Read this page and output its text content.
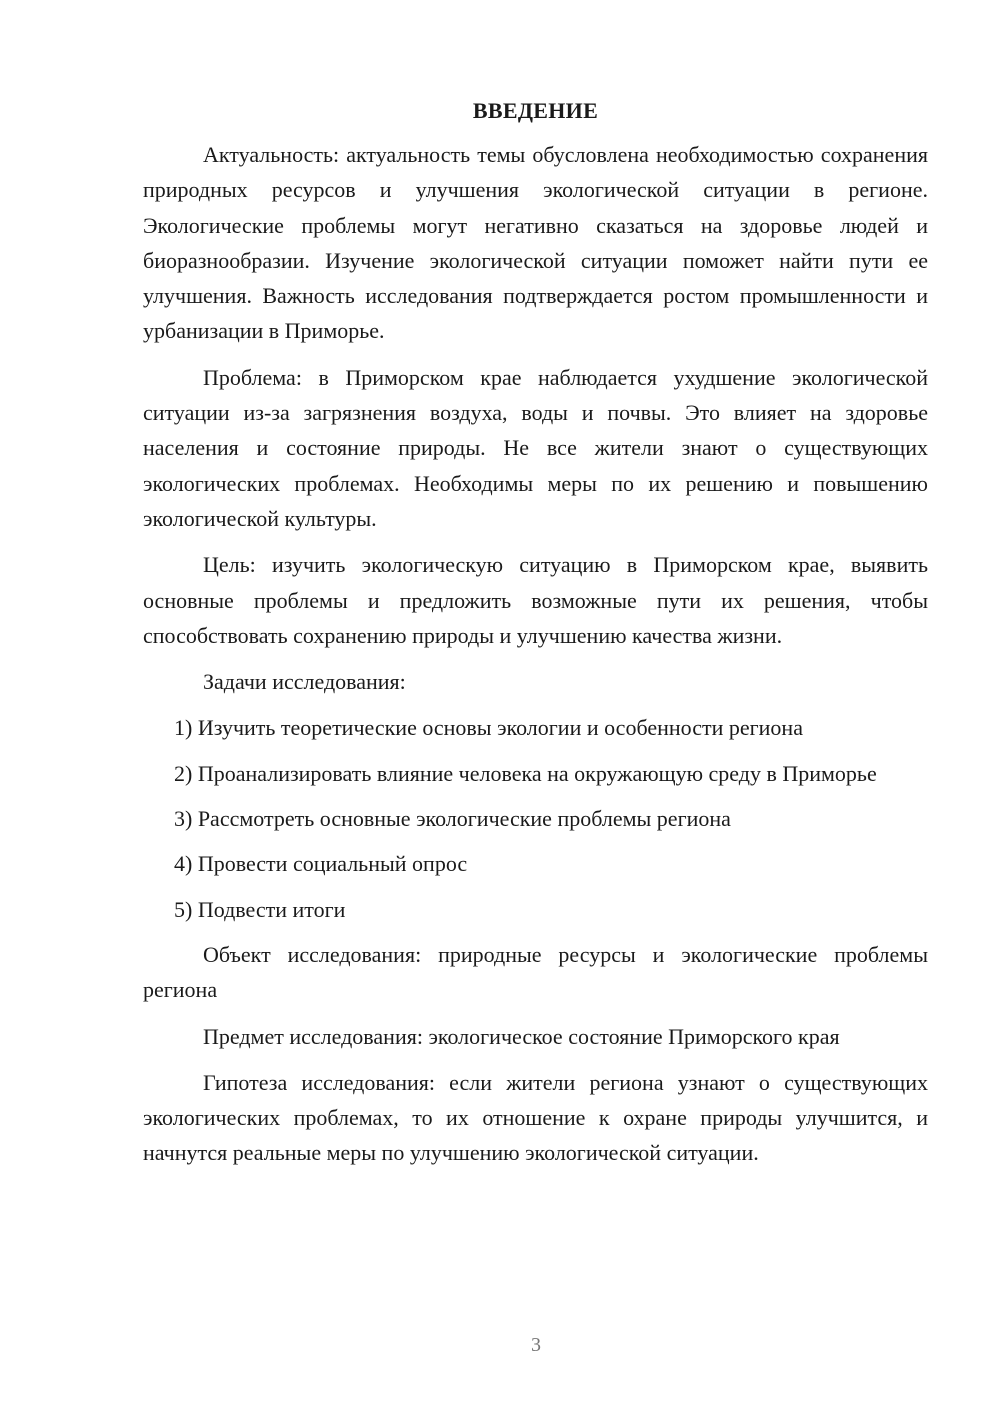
ВВЕДЕНИЕ

Актуальность: актуальность темы обусловлена необходимостью сохранения природных ресурсов и улучшения экологической ситуации в регионе. Экологические проблемы могут негативно сказаться на здоровье людей и биоразнообразии. Изучение экологической ситуации поможет найти пути ее улучшения. Важность исследования подтверждается ростом промышленности и урбанизации в Приморье.

Проблема: в Приморском крае наблюдается ухудшение экологической ситуации из-за загрязнения воздуха, воды и почвы. Это влияет на здоровье населения и состояние природы. Не все жители знают о существующих экологических проблемах. Необходимы меры по их решению и повышению экологической культуры.

Цель: изучить экологическую ситуацию в Приморском крае, выявить основные проблемы и предложить возможные пути их решения, чтобы способствовать сохранению природы и улучшению качества жизни.

Задачи исследования:

1) Изучить теоретические основы экологии и особенности региона

2) Проанализировать влияние человека на окружающую среду в Приморье

3) Рассмотреть основные экологические проблемы региона

4) Провести социальный опрос

5) Подвести итоги

Объект исследования: природные ресурсы и экологические проблемы региона

Предмет исследования: экологическое состояние Приморского края

Гипотеза исследования: если жители региона узнают о существующих экологических проблемах, то их отношение к охране природы улучшится, и начнутся реальные меры по улучшению экологической ситуации.

3
